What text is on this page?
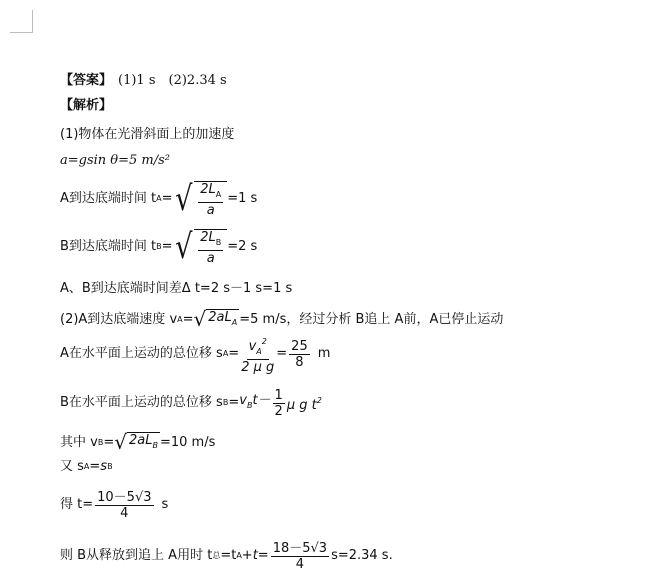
【答案】 (1)1 s　(2)2.34 s
【解析】
(1)物体在光滑斜面上的加速度
a=gsin θ=5 m/s²
A到达底端时间 t A = √ $\frac{2L_A}{a} =1$ s
B到达底端时间 t B = √ $\frac{2L_B}{a} =2$ s
A、B到达底端时间差Δ t=2 s－1 s=1 s
(2)A到达底端速度 v A = √ $2aL_A =5$ m/s，经过分析 B追上 A前，A已停止运动
A在水平面上运动的总位移 s $A = \frac{v_A^2}{\text{2 μ g}} = \frac{25}{8}$ m
B在水平面上运动的总位移 s $B = v_Bt- \frac{1}{2}$ μ g $t^2$
其中 v B = √ $2aL_B =10$ m/s
又 s A =s B
得 $t= \frac{10-5√3}{4}$ s
则 B从释放到追上 A用时 t 总 =t $A +t= \frac{18-5√3}{4} s=2.34$ s.
